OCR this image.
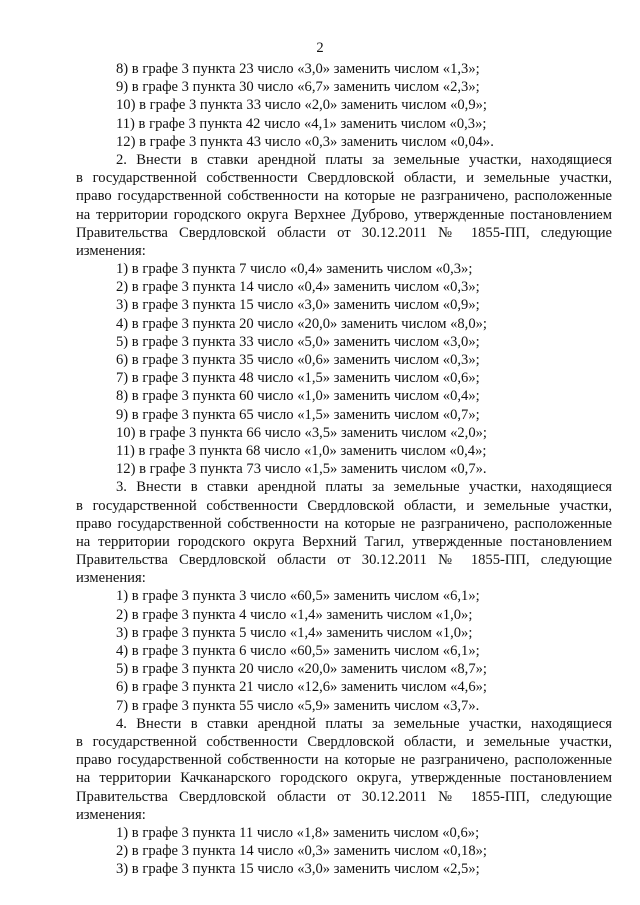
2
8) в графе 3 пункта 23 число «3,0» заменить числом «1,3»;
9) в графе 3 пункта 30 число «6,7» заменить числом «2,3»;
10) в графе 3 пункта 33 число «2,0» заменить числом «0,9»;
11) в графе 3 пункта 42 число «4,1» заменить числом «0,3»;
12) в графе 3 пункта 43 число «0,3» заменить числом «0,04».
2. Внести в ставки арендной платы за земельные участки, находящиеся
в государственной собственности Свердловской области, и земельные участки,
право государственной собственности на которые не разграничено, расположенные
на территории городского округа Верхнее Дуброво, утвержденные постановлением
Правительства Свердловской области от 30.12.2011 № 1855-ПП, следующие
изменения:
1) в графе 3 пункта 7 число «0,4» заменить числом «0,3»;
2) в графе 3 пункта 14 число «0,4» заменить числом «0,3»;
3) в графе 3 пункта 15 число «3,0» заменить числом «0,9»;
4) в графе 3 пункта 20 число «20,0» заменить числом «8,0»;
5) в графе 3 пункта 33 число «5,0» заменить числом «3,0»;
6) в графе 3 пункта 35 число «0,6» заменить числом «0,3»;
7) в графе 3 пункта 48 число «1,5» заменить числом «0,6»;
8) в графе 3 пункта 60 число «1,0» заменить числом «0,4»;
9) в графе 3 пункта 65 число «1,5» заменить числом «0,7»;
10) в графе 3 пункта 66 число «3,5» заменить числом «2,0»;
11) в графе 3 пункта 68 число «1,0» заменить числом «0,4»;
12) в графе 3 пункта 73 число «1,5» заменить числом «0,7».
3. Внести в ставки арендной платы за земельные участки, находящиеся
в государственной собственности Свердловской области, и земельные участки,
право государственной собственности на которые не разграничено, расположенные
на территории городского округа Верхний Тагил, утвержденные постановлением
Правительства Свердловской области от 30.12.2011 № 1855-ПП, следующие
изменения:
1) в графе 3 пункта 3 число «60,5» заменить числом «6,1»;
2) в графе 3 пункта 4 число «1,4» заменить числом «1,0»;
3) в графе 3 пункта 5 число «1,4» заменить числом «1,0»;
4) в графе 3 пункта 6 число «60,5» заменить числом «6,1»;
5) в графе 3 пункта 20 число «20,0» заменить числом «8,7»;
6) в графе 3 пункта 21 число «12,6» заменить числом «4,6»;
7) в графе 3 пункта 55 число «5,9» заменить числом «3,7».
4. Внести в ставки арендной платы за земельные участки, находящиеся
в государственной собственности Свердловской области, и земельные участки,
право государственной собственности на которые не разграничено, расположенные
на территории Качканарского городского округа, утвержденные постановлением
Правительства Свердловской области от 30.12.2011 № 1855-ПП, следующие
изменения:
1) в графе 3 пункта 11 число «1,8» заменить числом «0,6»;
2) в графе 3 пункта 14 число «0,3» заменить числом «0,18»;
3) в графе 3 пункта 15 число «3,0» заменить числом «2,5»;
